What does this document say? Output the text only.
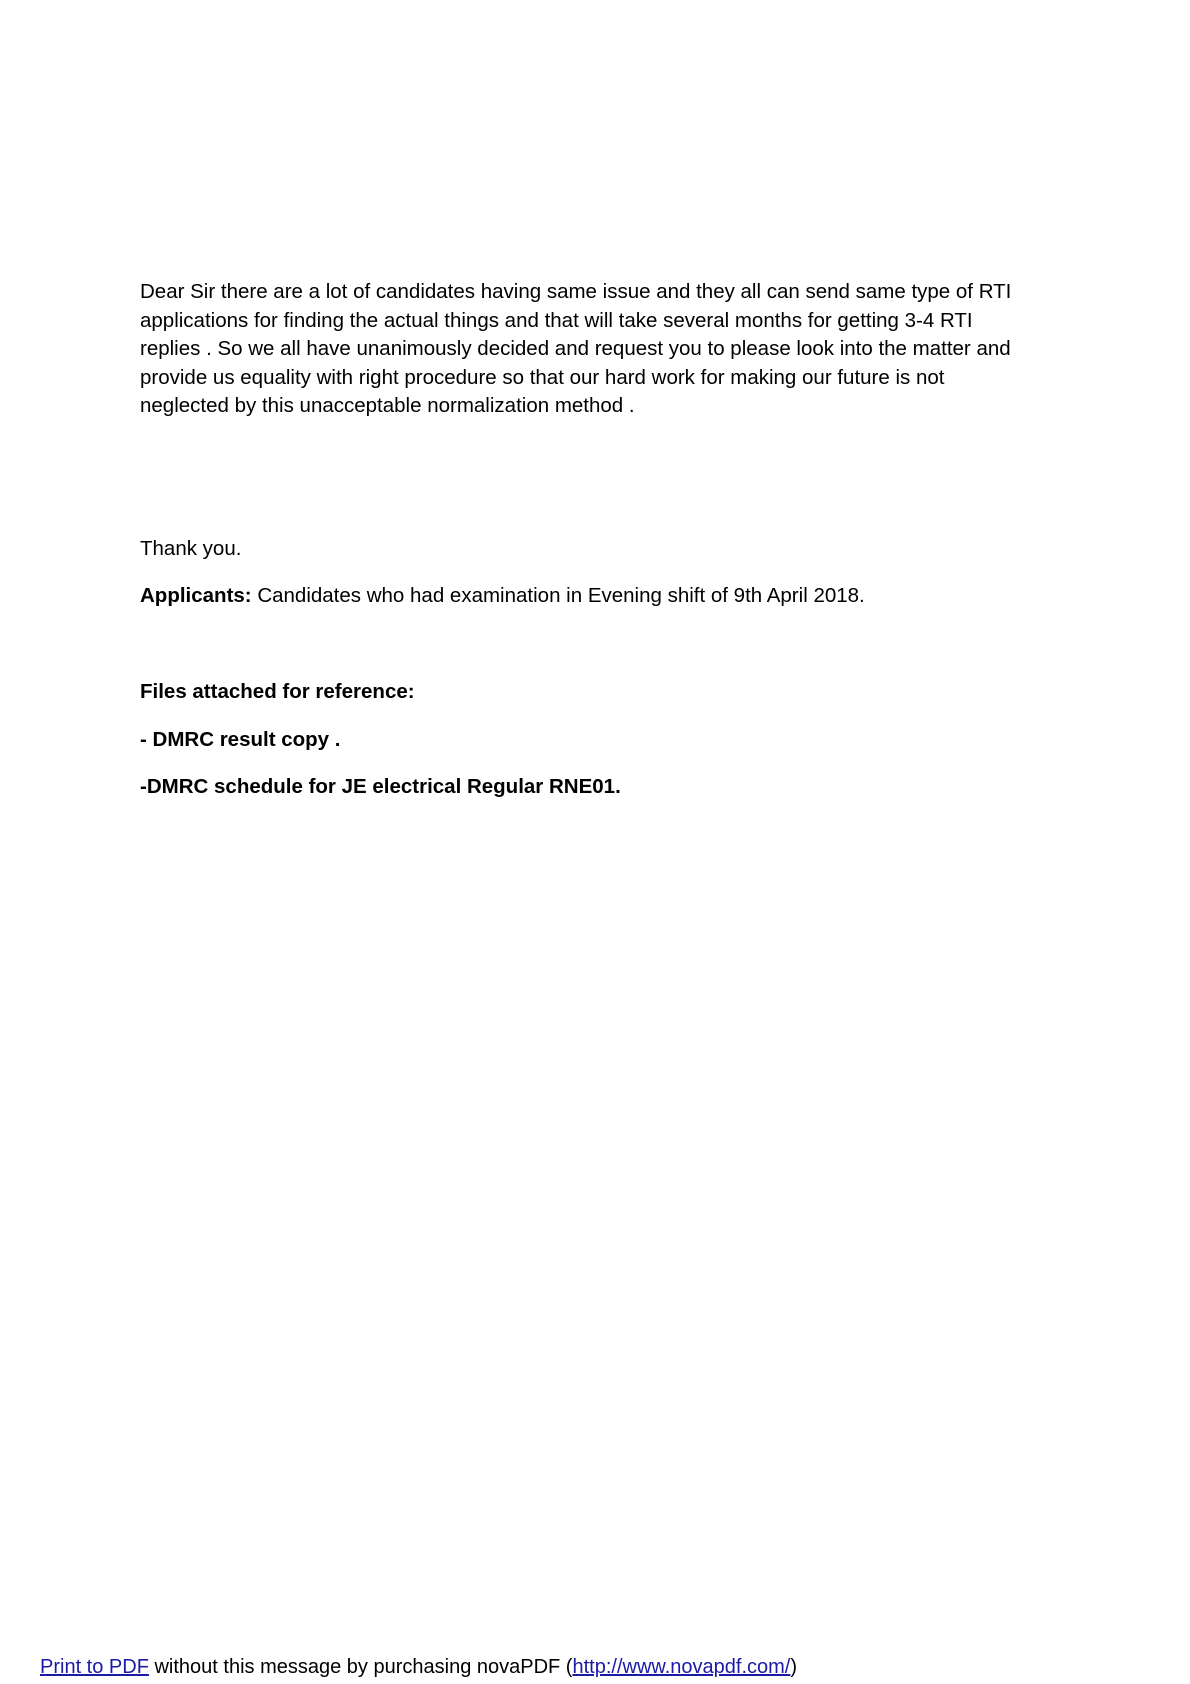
Dear Sir there are a lot of candidates having same issue and they all can send same type of RTI
applications for finding the actual things and that will take several months for getting 3-4 RTI
replies . So we all have unanimously decided and request you to please look into the matter and
provide us equality with right procedure so that our hard work for making our future is not
neglected by this unacceptable normalization method .
Thank you.
Applicants: Candidates who had examination in Evening shift of 9th April 2018.
Files attached for reference:
- DMRC result copy .
-DMRC schedule for JE electrical Regular RNE01.
Print to PDF without this message by purchasing novaPDF (http://www.novapdf.com/)
